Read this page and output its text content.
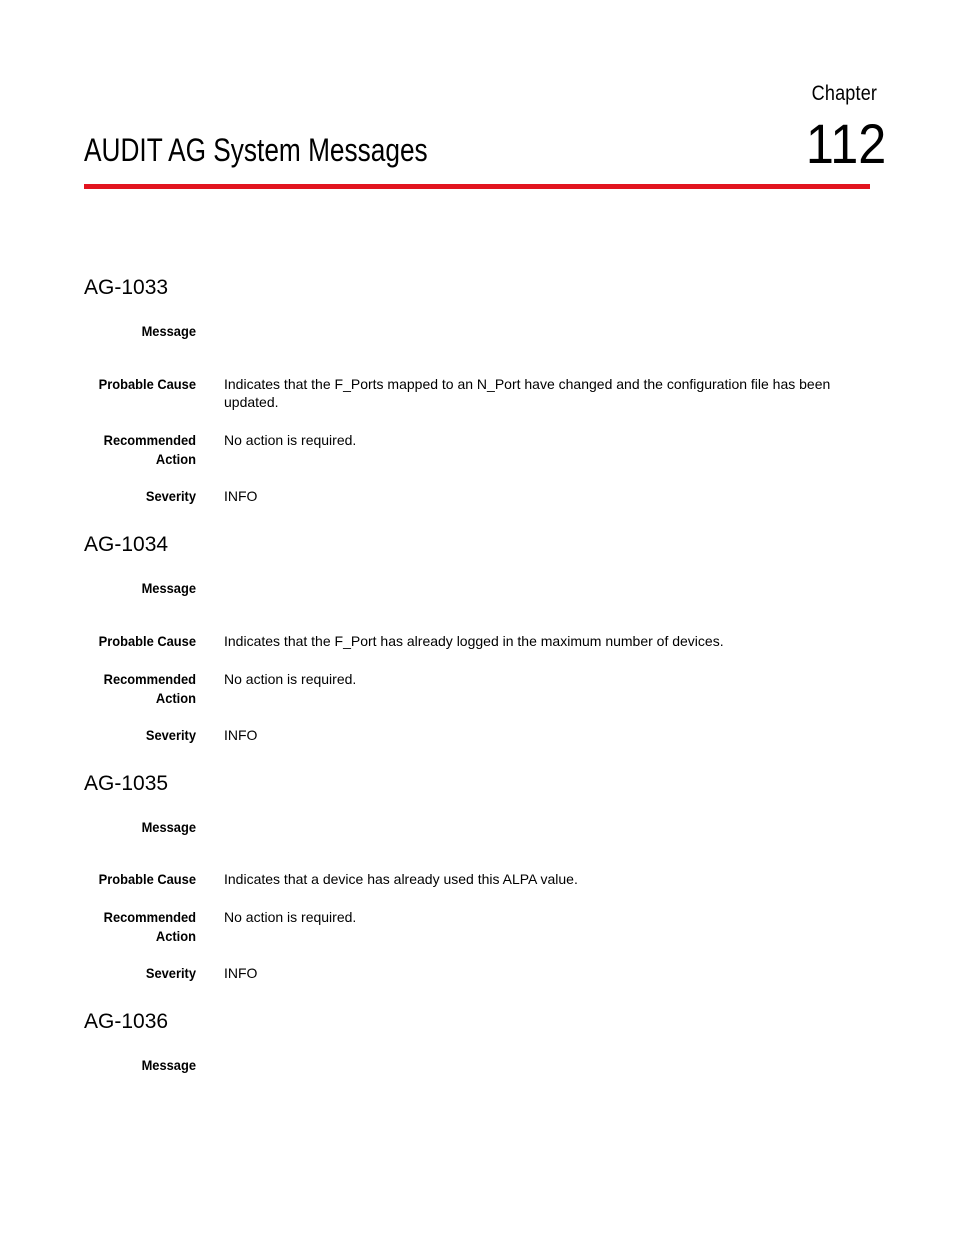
Chapter
112
AUDIT AG System Messages
AG-1033
Message
Probable Cause Indicates that the F_Ports mapped to an N_Port have changed and the configuration file has been updated.
Recommended
Action
No action is required.
Severity INFO
AG-1034
Message
Probable Cause Indicates that the F_Port has already logged in the maximum number of devices.
Recommended
Action
No action is required.
Severity INFO
AG-1035
Message
Probable Cause Indicates that a device has already used this ALPA value.
Recommended
Action
No action is required.
Severity INFO
AG-1036
Message
